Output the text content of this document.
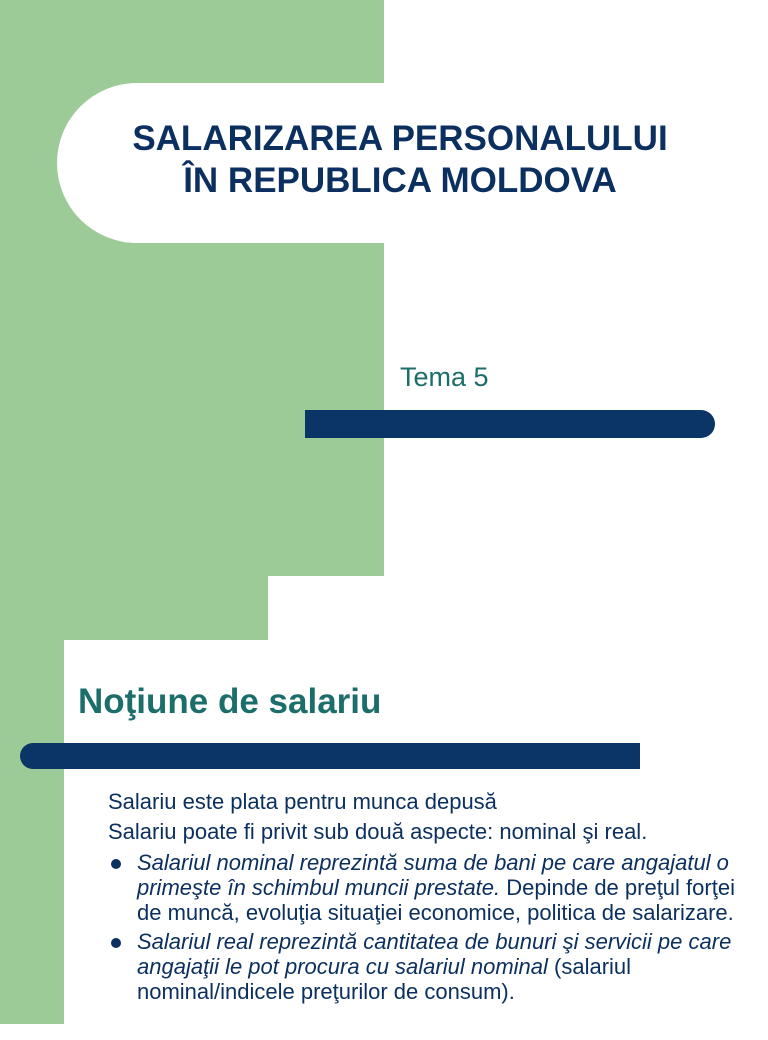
SALARIZAREA PERSONALULUI
ÎN REPUBLICA MOLDOVA
Tema 5
Noţiune de salariu

Salariu este plata pentru munca depusă

Salariu poate fi privit sub două aspecte: nominal şi real.

Salariul nominal reprezintă suma de bani pe care angajatul o primeşte în schimbul muncii prestate. Depinde de preţul forţei de muncă, evoluţia situaţiei economice, politica de salarizare.
Salariul real reprezintă cantitatea de bunuri şi servicii pe care angajaţii le pot procura cu salariul nominal (salariul nominal/indicele preţurilor de consum).
